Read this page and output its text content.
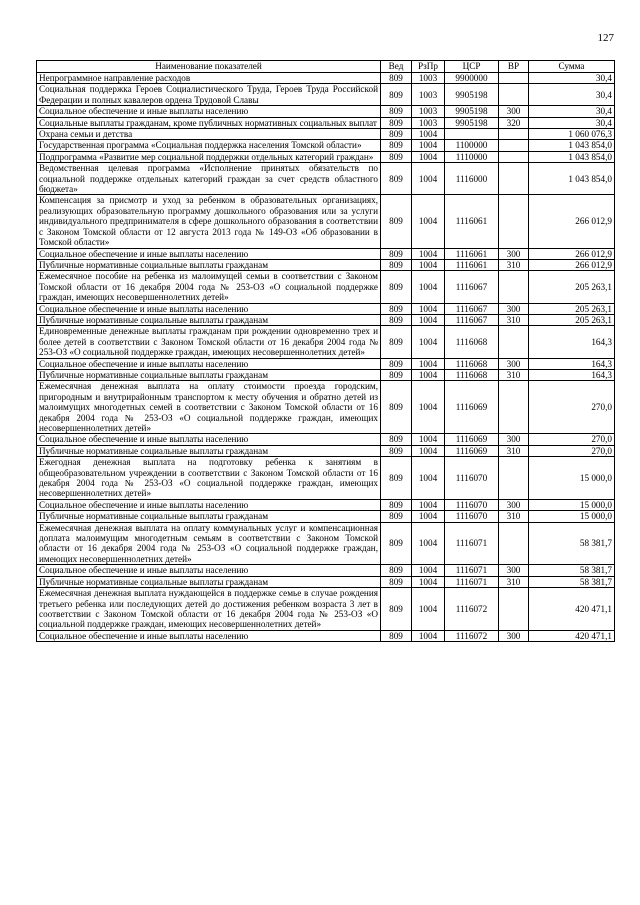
127
Наименование показателей	Вед	РзПр	ЦСР	ВР	Сумма
Непрограммное направление расходов	809	1003	9900000		30,4
Социальная поддержка Героев Социалистического Труда, Героев Труда Российской Федерации и полных кавалеров ордена Трудовой Славы	809	1003	9905198		30,4
Социальное обеспечение и иные выплаты населению	809	1003	9905198	300	30,4
Социальные выплаты гражданам, кроме публичных нормативных социальных выплат	809	1003	9905198	320	30,4
Охрана семьи и детства	809	1004			1 060 076,3
Государственная программа «Социальная поддержка населения Томской области»	809	1004	1100000		1 043 854,0
Подпрограмма «Развитие мер социальной поддержки отдельных категорий граждан»	809	1004	1110000		1 043 854,0
Ведомственная целевая программа «Исполнение принятых обязательств по социальной поддержке отдельных категорий граждан за счет средств областного бюджета»	809	1004	1116000		1 043 854,0
Компенсация за присмотр и уход за ребенком в образовательных организациях, реализующих образовательную программу дошкольного образования или за услуги индивидуального предпринимателя в сфере дошкольного образования в соответствии с Законом Томской области от 12 августа 2013 года № 149-ОЗ «Об образовании в Томской области»	809	1004	1116061		266 012,9
Социальное обеспечение и иные выплаты населению	809	1004	1116061	300	266 012,9
Публичные нормативные социальные выплаты гражданам	809	1004	1116061	310	266 012,9
Ежемесячное пособие на ребенка из малоимущей семьи в соответствии с Законом Томской области от 16 декабря 2004 года № 253-ОЗ «О социальной поддержке граждан, имеющих несовершеннолетних детей»	809	1004	1116067		205 263,1
Социальное обеспечение и иные выплаты населению	809	1004	1116067	300	205 263,1
Публичные нормативные социальные выплаты гражданам	809	1004	1116067	310	205 263,1
Единовременные денежные выплаты гражданам при рождении одновременно трех и более детей в соответствии с Законом Томской области от 16 декабря 2004 года № 253-ОЗ «О социальной поддержке граждан, имеющих несовершеннолетних детей»	809	1004	1116068		164,3
Социальное обеспечение и иные выплаты населению	809	1004	1116068	300	164,3
Публичные нормативные социальные выплаты гражданам	809	1004	1116068	310	164,3
Ежемесячная денежная выплата на оплату стоимости проезда городским, пригородным и внутрирайонным транспортом к месту обучения и обратно детей из малоимущих многодетных семей в соответствии с Законом Томской области от 16 декабря 2004 года № 253-ОЗ «О социальной поддержке граждан, имеющих несовершеннолетних детей»	809	1004	1116069		270,0
Социальное обеспечение и иные выплаты населению	809	1004	1116069	300	270,0
Публичные нормативные социальные выплаты гражданам	809	1004	1116069	310	270,0
Ежегодная денежная выплата на подготовку ребенка к занятиям в общеобразовательном учреждении в соответствии с Законом Томской области от 16 декабря 2004 года № 253-ОЗ «О социальной поддержке граждан, имеющих несовершеннолетних детей»	809	1004	1116070		15 000,0
Социальное обеспечение и иные выплаты населению	809	1004	1116070	300	15 000,0
Публичные нормативные социальные выплаты гражданам	809	1004	1116070	310	15 000,0
Ежемесячная денежная выплата на оплату коммунальных услуг и компенсационная доплата малоимущим многодетным семьям в соответствии с Законом Томской области от 16 декабря 2004 года № 253-ОЗ «О социальной поддержке граждан, имеющих несовершеннолетних детей»	809	1004	1116071		58 381,7
Социальное обеспечение и иные выплаты населению	809	1004	1116071	300	58 381,7
Публичные нормативные социальные выплаты гражданам	809	1004	1116071	310	58 381,7
Ежемесячная денежная выплата нуждающейся в поддержке семье в случае рождения третьего ребенка или последующих детей до достижения ребенком возраста 3 лет в соответствии с Законом Томской области от 16 декабря 2004 года № 253-ОЗ «О социальной поддержке граждан, имеющих несовершеннолетних детей»	809	1004	1116072		420 471,1
Социальное обеспечение и иные выплаты населению	809	1004	1116072	300	420 471,1
